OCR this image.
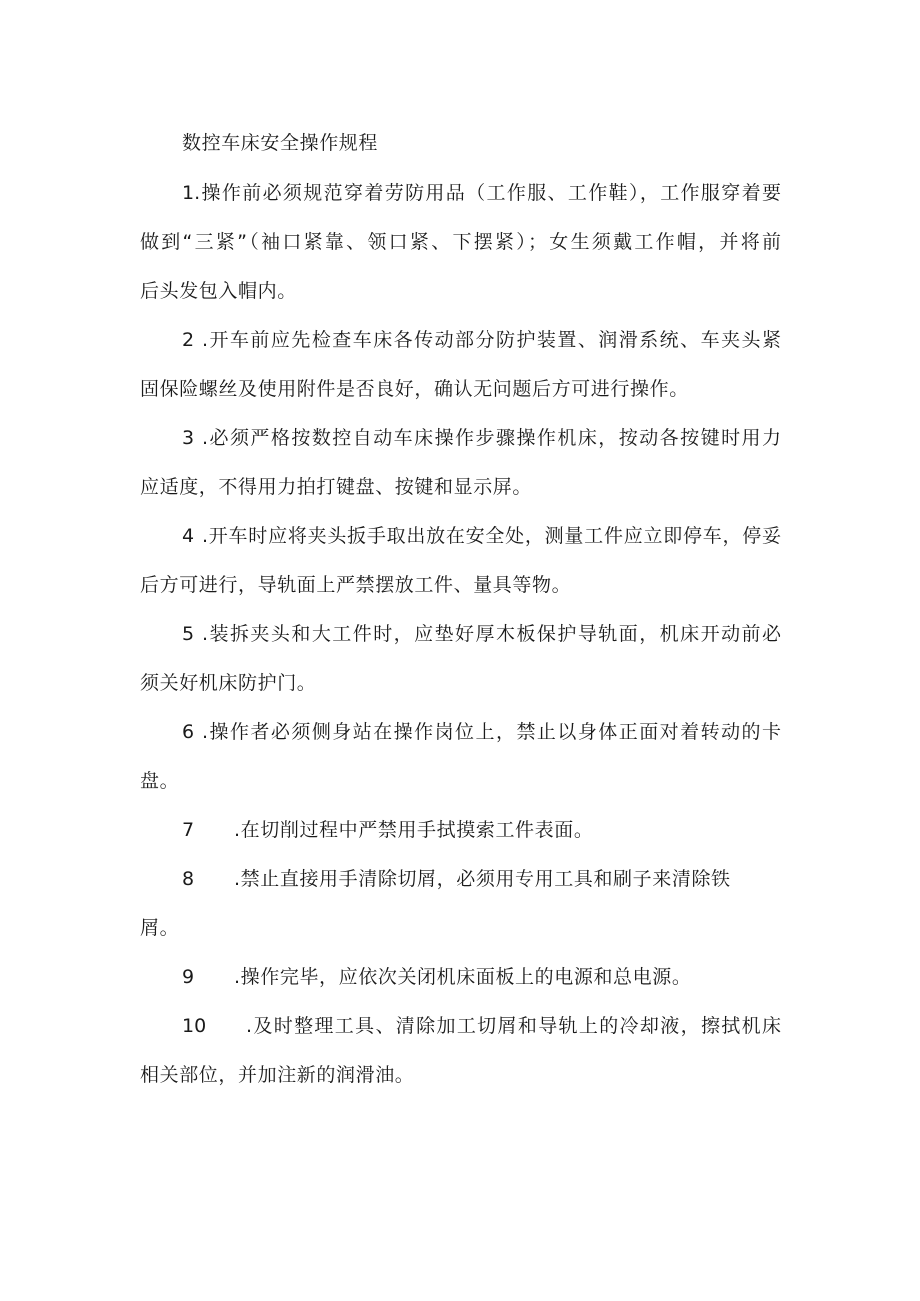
数控车床安全操作规程

1.操作前必须规范穿着劳防用品（工作服、工作鞋），工作服穿着要

做到“三紧”（袖口紧靠、领口紧、下摆紧）；女生须戴工作帽，并将前

后头发包入帽内。

2 .开车前应先检查车床各传动部分防护装置、润滑系统、车夹头紧

固保险螺丝及使用附件是否良好，确认无问题后方可进行操作。

3 .必须严格按数控自动车床操作步骤操作机床，按动各按键时用力

应适度，不得用力拍打键盘、按键和显示屏。

4 .开车时应将夹头扳手取出放在安全处，测量工件应立即停车，停妥

后方可进行，导轨面上严禁摆放工件、量具等物。

5 .装拆夹头和大工件时，应垫好厚木板保护导轨面，机床开动前必

须关好机床防护门。

6 .操作者必须侧身站在操作岗位上，禁止以身体正面对着转动的卡

盘。

7 .在切削过程中严禁用手拭摸索工件表面。

8 .禁止直接用手清除切屑，必须用专用工具和刷子来清除铁

屑。

9 .操作完毕，应依次关闭机床面板上的电源和总电源。

10 .及时整理工具、清除加工切屑和导轨上的冷却液，擦拭机床

相关部位，并加注新的润滑油。
